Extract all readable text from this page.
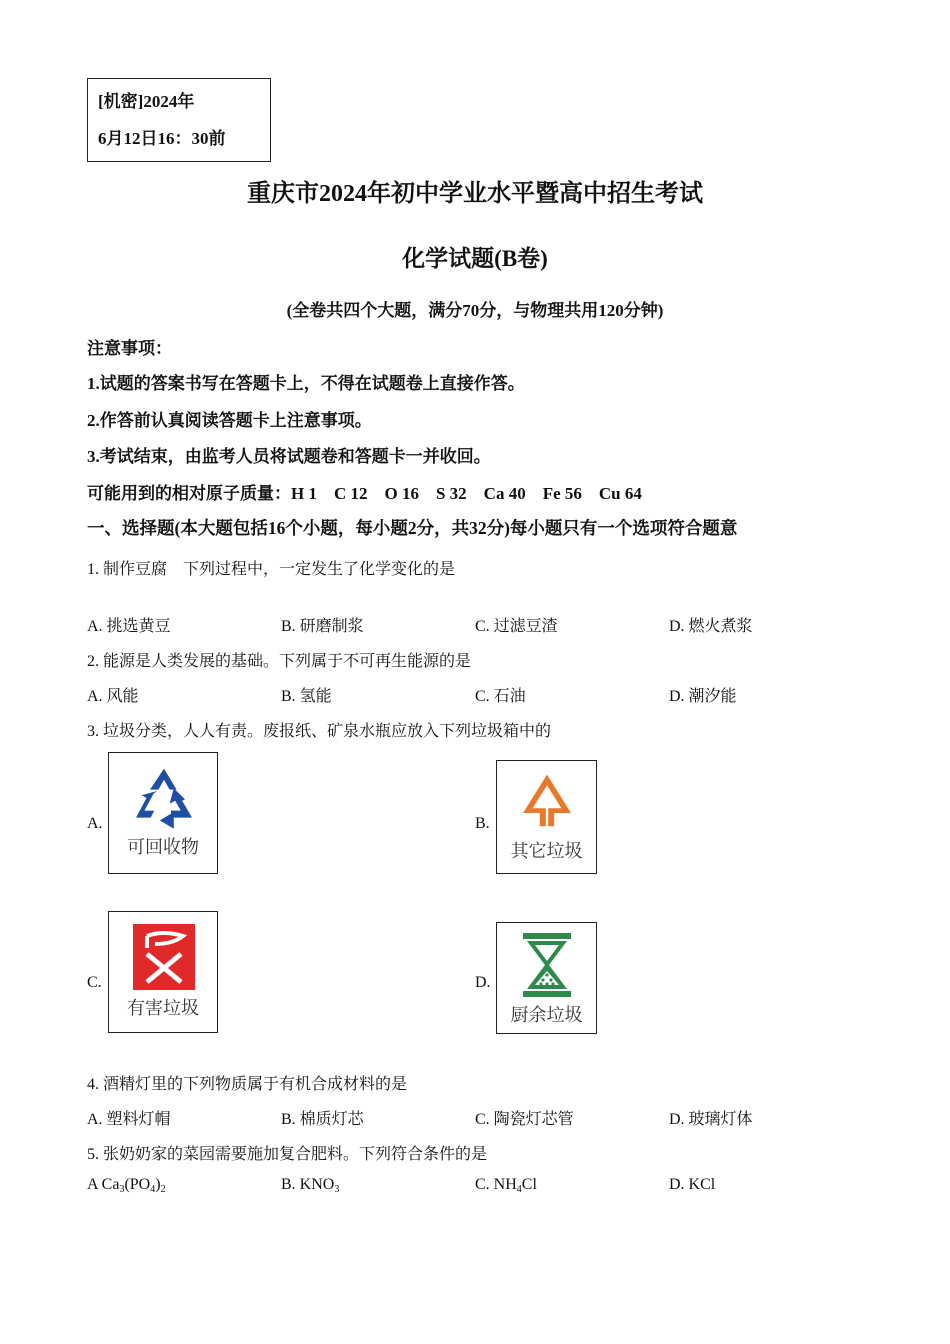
[机密]2024年
6月12日16：30前
重庆市2024年初中学业水平暨高中招生考试
化学试题(B卷)
(全卷共四个大题，满分70分，与物理共用120分钟)
注意事项：
1.试题的答案书写在答题卡上，不得在试题卷上直接作答。
2.作答前认真阅读答题卡上注意事项。
3.考试结束，由监考人员将试题卷和答题卡一并收回。
可能用到的相对原子质量：H 1　C 12　O 16　S 32　Ca 40　Fe 56　Cu 64
一、选择题(本大题包括16个小题，每小题2分，共32分)每小题只有一个选项符合题意
1. 制作豆腐　下列过程中，一定发生了化学变化的是
A. 挑选黄豆	B. 研磨制浆	C. 过滤豆渣	D. 燃火煮浆
2. 能源是人类发展的基础。下列属于不可再生能源的是
A. 风能	B. 氢能	C. 石油	D. 潮汐能
3. 垃圾分类，人人有责。废报纸、矿泉水瓶应放入下列垃圾箱中的
A.
可回收物
B.
其它垃圾
C.
有害垃圾
D.
厨余垃圾
4. 酒精灯里的下列物质属于有机合成材料的是
A. 塑料灯帽	B. 棉质灯芯	C. 陶瓷灯芯管	D. 玻璃灯体
5. 张奶奶家的菜园需要施加复合肥料。下列符合条件的是
A $Ca_3(PO_4)_2$	B. $KNO_3$	C. $NH_4Cl$	D. KCl
